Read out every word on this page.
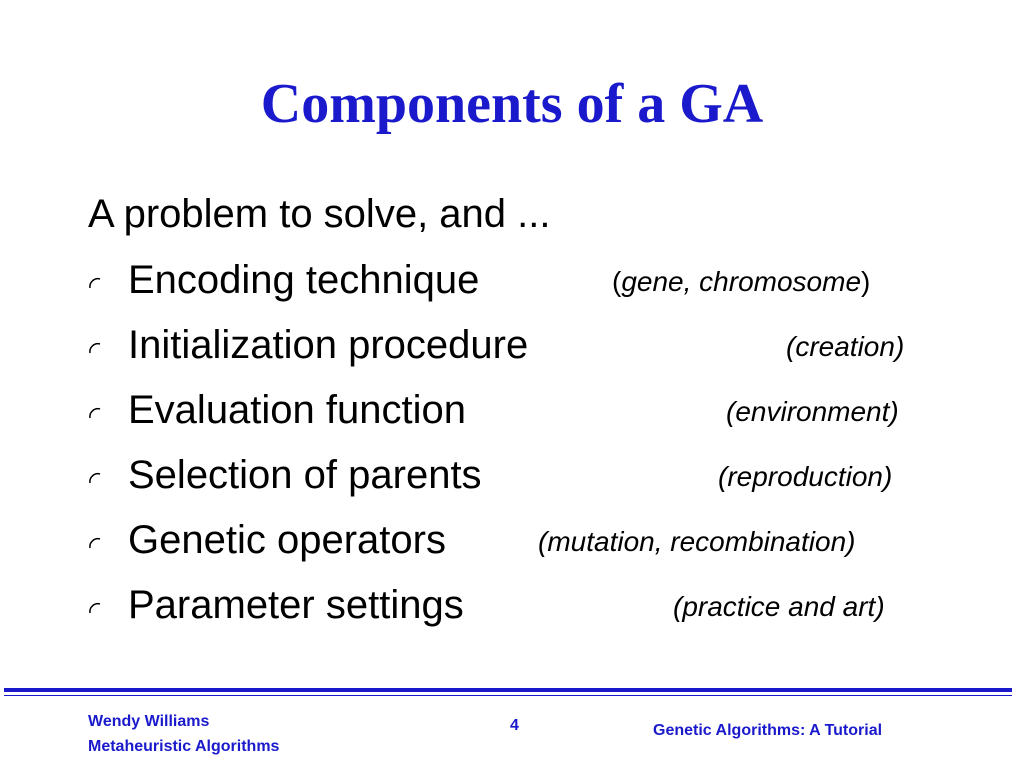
Components of a GA
A problem to solve, and ...
Encoding technique	(gene, chromosome)
Initialization procedure	(creation)
Evaluation function	(environment)
Selection of parents	(reproduction)
Genetic operators	(mutation, recombination)
Parameter settings	(practice and art)
Wendy Williams
Metaheuristic Algorithms
4	Genetic Algorithms: A Tutorial
